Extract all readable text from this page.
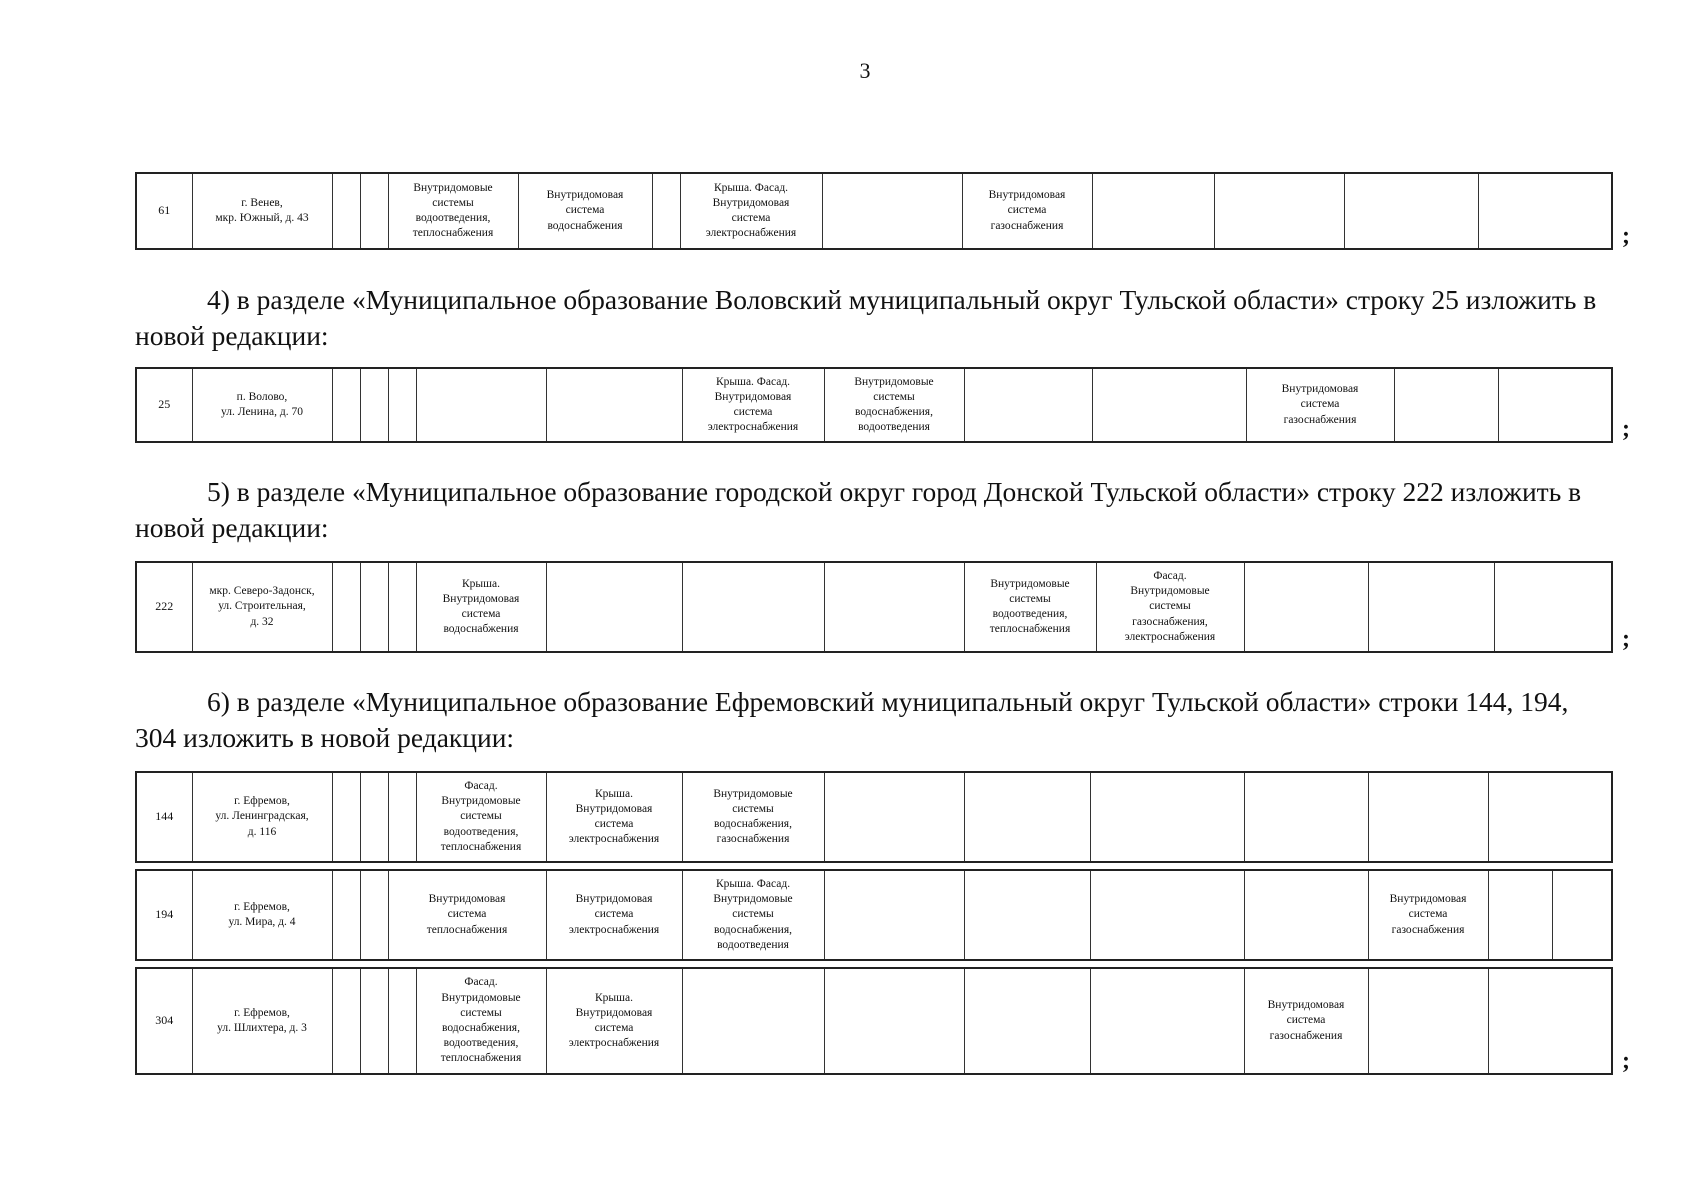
3
61	г. Венев,
мкр. Южный, д. 43			Внутридомовые
системы
водоотведения,
теплоснабжения	Внутридомовая
система
водоснабжения		Крыша. Фасад.
Внутридомовая
система
электроснабжения		Внутридомовая
система
газоснабжения					;
4) в разделе «Муниципальное образование Воловский муниципальный округ Тульской области» строку 25 изложить в новой редакции:
25	п. Волово,
ул. Ленина, д. 70						Крыша. Фасад.
Внутридомовая
система
электроснабжения	Внутридомовые
системы
водоснабжения,
водоотведения			Внутридомовая
система
газоснабжения			;
5) в разделе «Муниципальное образование городской округ город Донской Тульской области» строку 222 изложить в новой редакции:
222	мкр. Северо-Задонск,
ул. Строительная,
д. 32				Крыша.
Внутридомовая
система
водоснабжения				Внутридомовые
системы
водоотведения,
теплоснабжения	Фасад.
Внутридомовые
системы
газоснабжения,
электроснабжения				;
6) в разделе «Муниципальное образование Ефремовский муниципальный округ Тульской области» строки 144, 194, 304 изложить в новой редакции:
144	г. Ефремов,
ул. Ленинградская,
д. 116				Фасад.
Внутридомовые
системы
водоотведения,
теплоснабжения	Крыша.
Внутридомовая
система
электроснабжения	Внутридомовые
системы
водоснабжения,
газоснабжения						
194	г. Ефремов,
ул. Мира, д. 4			Внутридомовая
система
теплоснабжения	Внутридомовая
система
электроснабжения	Крыша. Фасад.
Внутридомовые
системы
водоснабжения,
водоотведения					Внутридомовая
система
газоснабжения		
304	г. Ефремов,
ул. Шлихтера, д. 3				Фасад.
Внутридомовые
системы
водоснабжения,
водоотведения,
теплоснабжения	Крыша.
Внутридомовая
система
электроснабжения					Внутридомовая
система
газоснабжения		
;
